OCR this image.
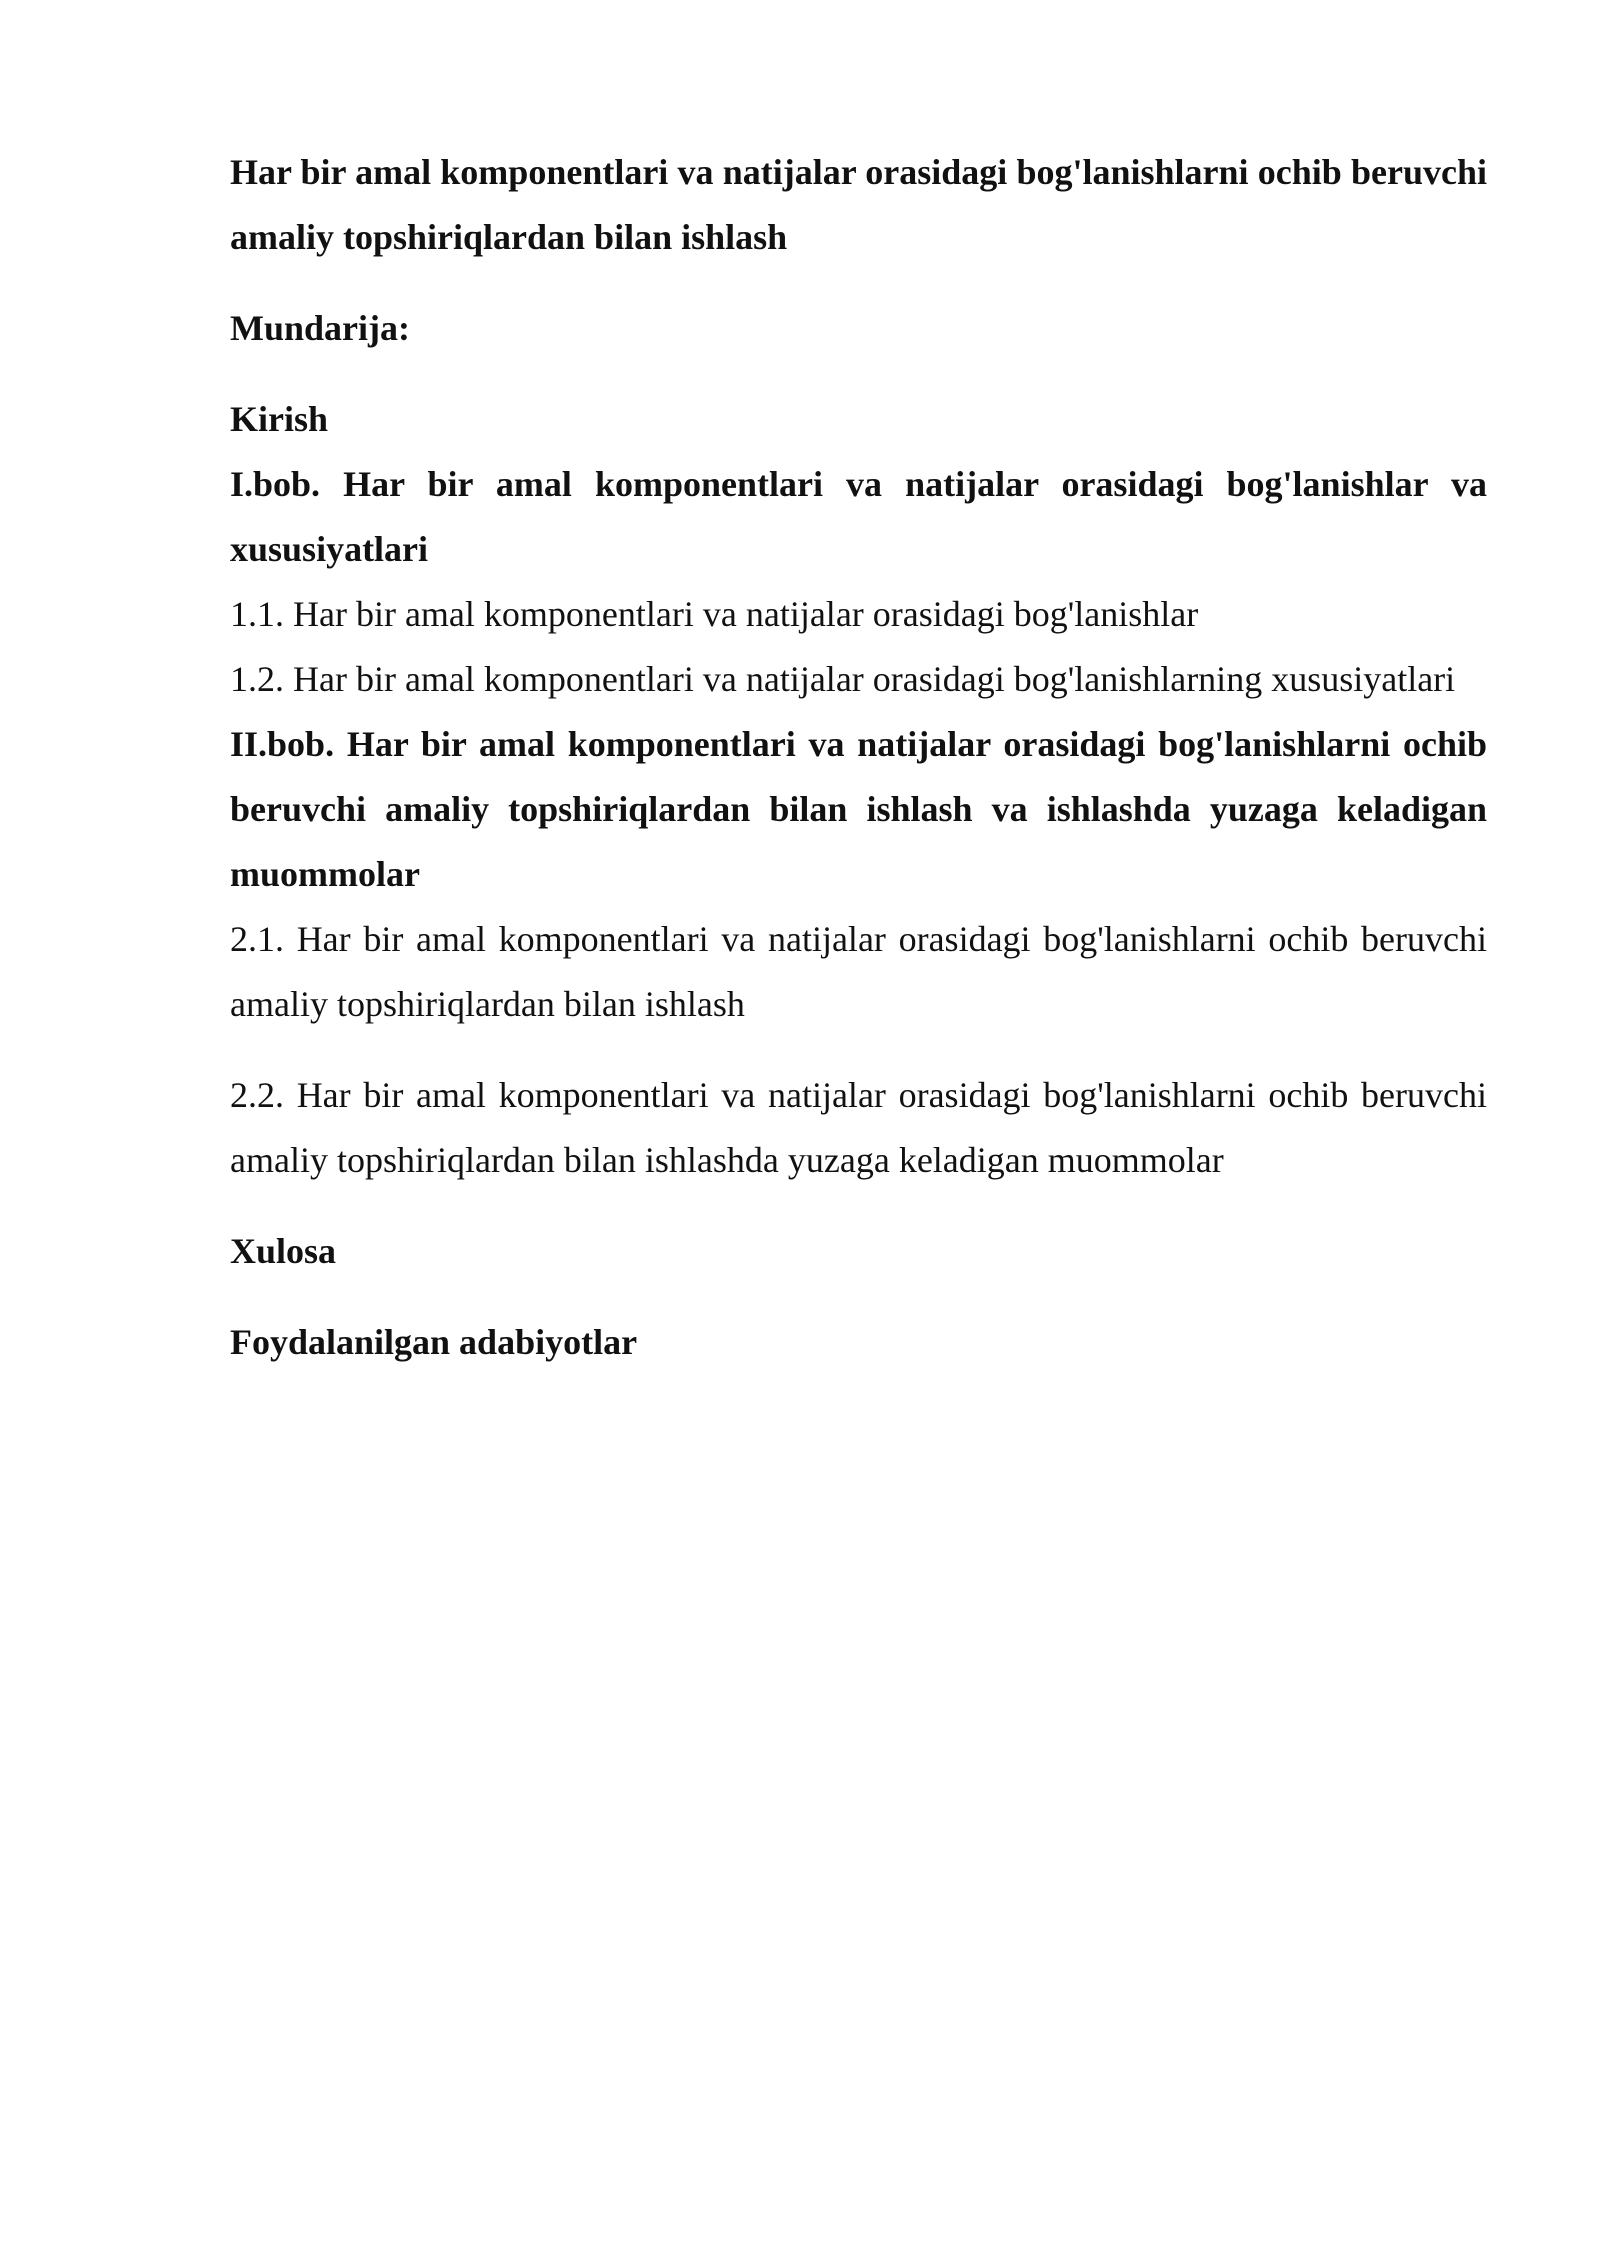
Har bir amal komponentlari va natijalar orasidagi bog'lanishlarni ochib beruvchi amaliy topshiriqlardan bilan ishlash

Mundarija:

Kirish

I.bob. Har bir amal komponentlari va natijalar orasidagi bog'lanishlar va xususiyatlari

1.1. Har bir amal komponentlari va natijalar orasidagi bog'lanishlar

1.2. Har bir amal komponentlari va natijalar orasidagi bog'lanishlarning xususiyatlari

II.bob. Har bir amal komponentlari va natijalar orasidagi bog'lanishlarni ochib beruvchi amaliy topshiriqlardan bilan ishlash va ishlashda yuzaga keladigan muommolar

2.1. Har bir amal komponentlari va natijalar orasidagi bog'lanishlarni ochib beruvchi amaliy topshiriqlardan bilan ishlash

2.2. Har bir amal komponentlari va natijalar orasidagi bog'lanishlarni ochib beruvchi amaliy topshiriqlardan bilan ishlashda yuzaga keladigan muommolar

Xulosa

Foydalanilgan adabiyotlar
